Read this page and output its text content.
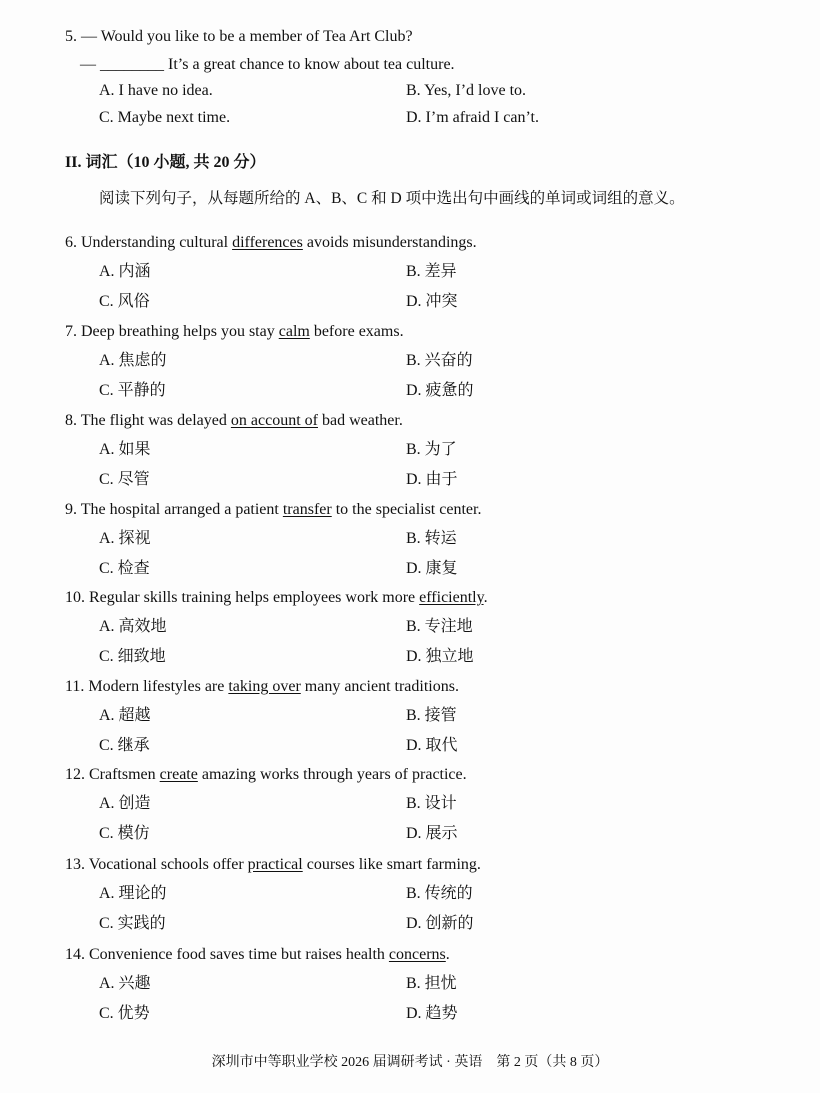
5. — Would you like to be a member of Tea Art Club?
— ________ It’s a great chance to know about tea culture.
A. I have no idea.	B. Yes, I’d love to.
C. Maybe next time.	D. I’m afraid I can’t.
II. 词汇（10 小题, 共 20 分）
阅读下列句子，从每题所给的 A、B、C 和 D 项中选出句中画线的单词或词组的意义。
6. Understanding cultural differences avoids misunderstandings.
A. 内涵	B. 差异
C. 风俗	D. 冲突
7. Deep breathing helps you stay calm before exams.
A. 焦虑的	B. 兴奋的
C. 平静的	D. 疲惫的
8. The flight was delayed on account of bad weather.
A. 如果	B. 为了
C. 尽管	D. 由于
9. The hospital arranged a patient transfer to the specialist center.
A. 探视	B. 转运
C. 检查	D. 康复
10. Regular skills training helps employees work more efficiently.
A. 高效地	B. 专注地
C. 细致地	D. 独立地
11. Modern lifestyles are taking over many ancient traditions.
A. 超越	B. 接管
C. 继承	D. 取代
12. Craftsmen create amazing works through years of practice.
A. 创造	B. 设计
C. 模仿	D. 展示
13. Vocational schools offer practical courses like smart farming.
A. 理论的	B. 传统的
C. 实践的	D. 创新的
14. Convenience food saves time but raises health concerns.
A. 兴趣	B. 担忧
C. 优势	D. 趋势
深圳市中等职业学校 2026 届调研考试 · 英语　第 2 页（共 8 页）
